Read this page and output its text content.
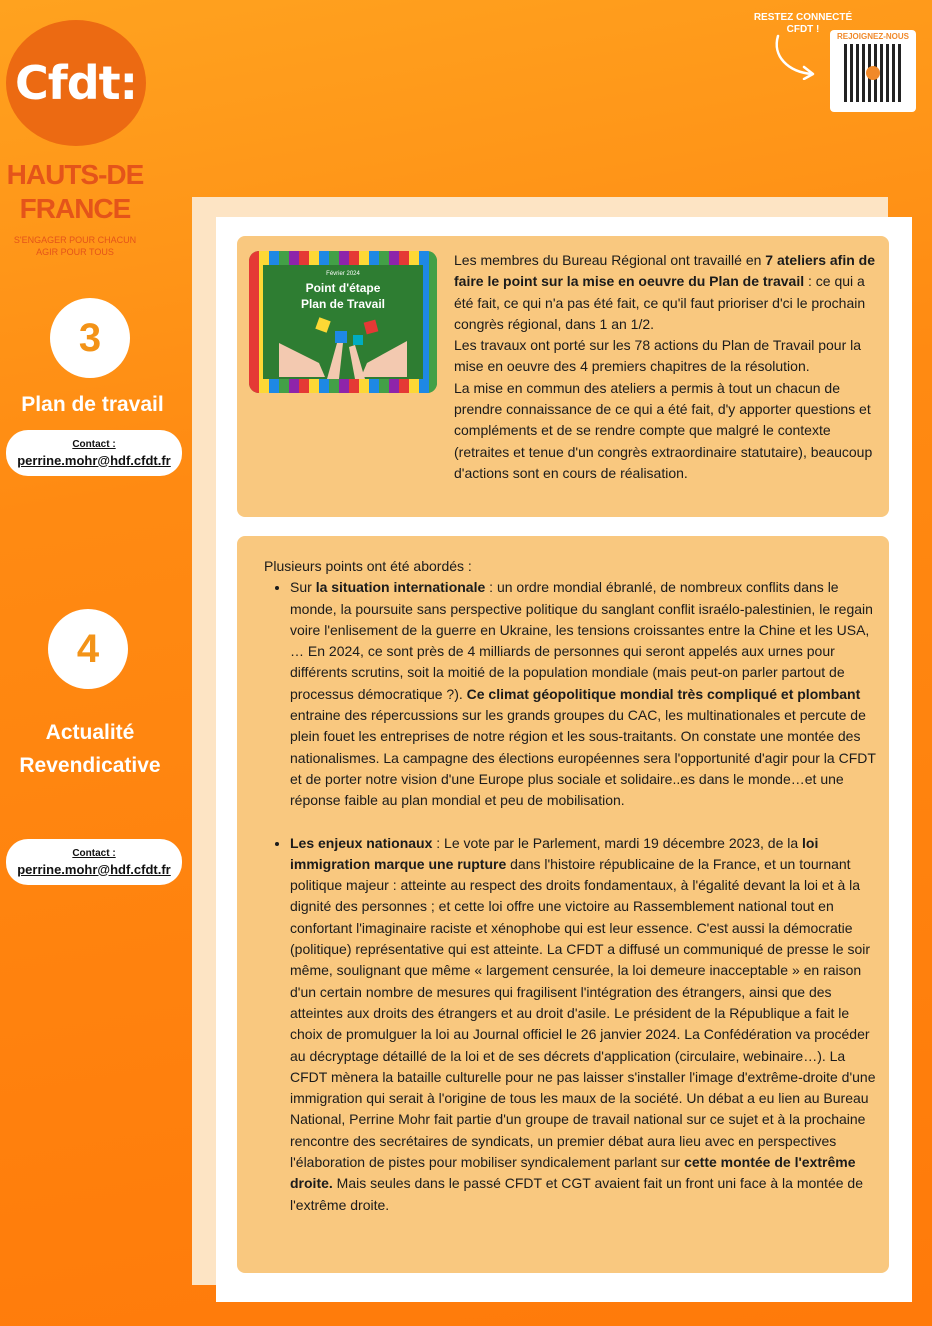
Cfdt:
HAUTS-DE
FRANCE
S'ENGAGER POUR CHACUN
AGIR POUR TOUS
3
Plan de travail
Contact :
perrine.mohr@hdf.cfdt.fr
4
Actualité
Revendicative
Contact :
perrine.mohr@hdf.cfdt.fr
RESTEZ CONNECTÉ
CFDT !
REJOIGNEZ-NOUS
Février 2024
Point d'étape
Plan de Travail

Les membres du Bureau Régional ont travaillé en 7 ateliers afin de faire le point sur la mise en oeuvre du Plan de travail : ce qui a été fait, ce qui n'a pas été fait, ce qu'il faut prioriser d'ci le prochain congrès régional, dans 1 an 1/2.

Les travaux ont porté sur les 78 actions du Plan de Travail pour la mise en oeuvre des 4 premiers chapitres de la résolution.

La mise en commun des ateliers a permis à tout un chacun de prendre connaissance de ce qui a été fait, d'y apporter questions et compléments et de se rendre compte que malgré le contexte (retraites et tenue d'un congrès extraordinaire statutaire), beaucoup d'actions sont en cours de réalisation.

Plusieurs points ont été abordés :

• Sur la situation internationale : un ordre mondial ébranlé, de nombreux conflits dans le monde, la poursuite sans perspective politique du sanglant conflit israélo-palestinien, le regain voire l'enlisement de la guerre en Ukraine, les tensions croissantes entre la Chine et les USA, … En 2024, ce sont près de 4 milliards de personnes qui seront appelés aux urnes pour différents scrutins, soit la moitié de la population mondiale (mais peut-on parler partout de processus démocratique ?). Ce climat géopolitique mondial très compliqué et plombant entraine des répercussions sur les grands groupes du CAC, les multinationales et percute de plein fouet les entreprises de notre région et les sous-traitants. On constate une montée des nationalismes. La campagne des élections européennes sera l'opportunité d'agir pour la CFDT et de porter notre vision d'une Europe plus sociale et solidaire..es dans le monde…et une réponse faible au plan mondial et peu de mobilisation.
• Les enjeux nationaux : Le vote par le Parlement, mardi 19 décembre 2023, de la loi immigration marque une rupture dans l'histoire républicaine de la France, et un tournant politique majeur : atteinte au respect des droits fondamentaux, à l'égalité devant la loi et à la dignité des personnes ; et cette loi offre une victoire au Rassemblement national tout en confortant l'imaginaire raciste et xénophobe qui est leur essence. C'est aussi la démocratie (politique) représentative qui est atteinte. La CFDT a diffusé un communiqué de presse le soir même, soulignant que même « largement censurée, la loi demeure inacceptable » en raison d'un certain nombre de mesures qui fragilisent l'intégration des étrangers, ainsi que des atteintes aux droits des étrangers et au droit d'asile. Le président de la République a fait le choix de promulguer la loi au Journal officiel le 26 janvier 2024. La Confédération va procéder au décryptage détaillé de la loi et de ses décrets d'application (circulaire, webinaire…). La CFDT mènera la bataille culturelle pour ne pas laisser s'installer l'image d'extrême-droite d'une immigration qui serait à l'origine de tous les maux de la société. Un débat a eu lien au Bureau National, Perrine Mohr fait partie d'un groupe de travail national sur ce sujet et à la prochaine rencontre des secrétaires de syndicats, un premier débat aura lieu avec en perspectives l'élaboration de pistes pour mobiliser syndicalement parlant sur cette montée de l'extrême droite. Mais seules dans le passé CFDT et CGT avaient fait un front uni face à la montée de l'extrême droite.
